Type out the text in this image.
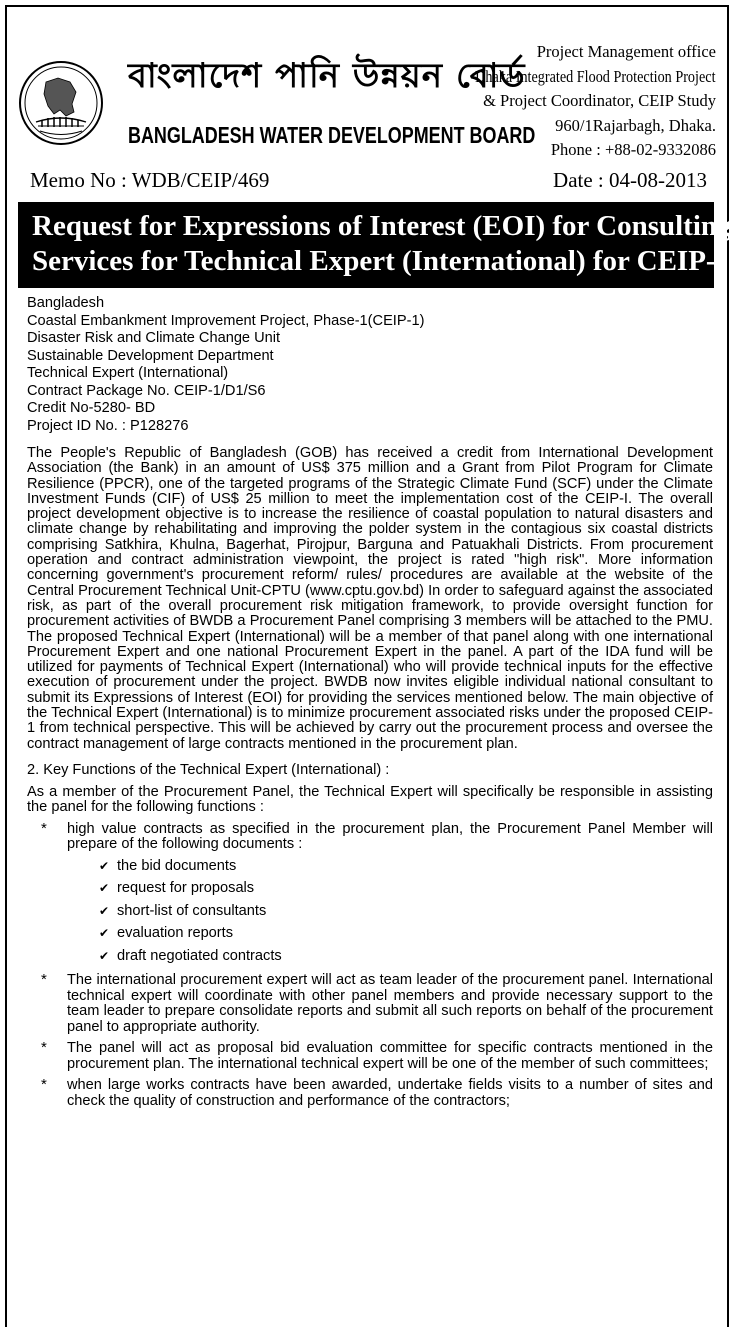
বাংলাদেশ পানি উন্নয়ন বোর্ড
BANGLADESH WATER DEVELOPMENT BOARD
Project Management office
Dhaka Integrated Flood Protection Project
& Project Coordinator, CEIP Study
960/1Rajarbagh, Dhaka.
Phone : +88-02-9332086
Memo No : WDB/CEIP/469	Date : 04-08-2013
Request for Expressions of Interest (EOI) for Consulting
Services for Technical Expert (International) for CEIP-I
Bangladesh
Coastal Embankment Improvement Project, Phase-1(CEIP-1)
Disaster Risk and Climate Change Unit
Sustainable Development Department
Technical Expert (International)
Contract Package No. CEIP-1/D1/S6
Credit No-5280- BD
Project ID No. : P128276
The People's Republic of Bangladesh (GOB) has received a credit from International Development Association (the Bank) in an amount of US$ 375 million and a Grant from Pilot Program for Climate Resilience (PPCR), one of the targeted programs of the Strategic Climate Fund (SCF) under the Climate Investment Funds (CIF) of US$ 25 million to meet the implementation cost of the CEIP-I. The overall project development objective is to increase the resilience of coastal population to natural disasters and climate change by rehabilitating and improving the polder system in the contagious six coastal districts comprising Satkhira, Khulna, Bagerhat, Pirojpur, Barguna and Patuakhali Districts. From procurement operation and contract administration viewpoint, the project is rated "high risk". More information concerning government's procurement reform/ rules/ procedures are available at the website of the Central Procurement Technical Unit-CPTU (www.cptu.gov.bd) In order to safeguard against the associated risk, as part of the overall procurement risk mitigation framework, to provide oversight function for procurement activities of BWDB a Procurement Panel comprising 3 members will be attached to the PMU. The proposed Technical Expert (International) will be a member of that panel along with one international Procurement Expert and one national Procurement Expert in the panel. A part of the IDA fund will be utilized for payments of Technical Expert (International) who will provide technical inputs for the effective execution of procurement under the project. BWDB now invites eligible individual national consultant to submit its Expressions of Interest (EOI) for providing the services mentioned below. The main objective of the Technical Expert (International) is to minimize procurement associated risks under the proposed CEIP-1 from technical perspective. This will be achieved by carry out the procurement process and oversee the contract management of large contracts mentioned in the procurement plan.
2. Key Functions of the Technical Expert (International) :
As a member of the Procurement Panel, the Technical Expert will specifically be responsible in assisting the panel for the following functions :
* high value contracts as specified in the procurement plan, the Procurement Panel Member will prepare of the following documents :
✔ the bid documents
✔ request for proposals
✔ short-list of consultants
✔ evaluation reports
✔ draft negotiated contracts
* The international procurement expert will act as team leader of the procurement panel. International technical expert will coordinate with other panel members and provide necessary support to the team leader to prepare consolidate reports and submit all such reports on behalf of the procurement panel to appropriate authority.
* The panel will act as proposal bid evaluation committee for specific contracts mentioned in the procurement plan. The international technical expert will be one of the member of such committees;
* when large works contracts have been awarded, undertake fields visits to a number of sites and check the quality of construction and performance of the contractors;
